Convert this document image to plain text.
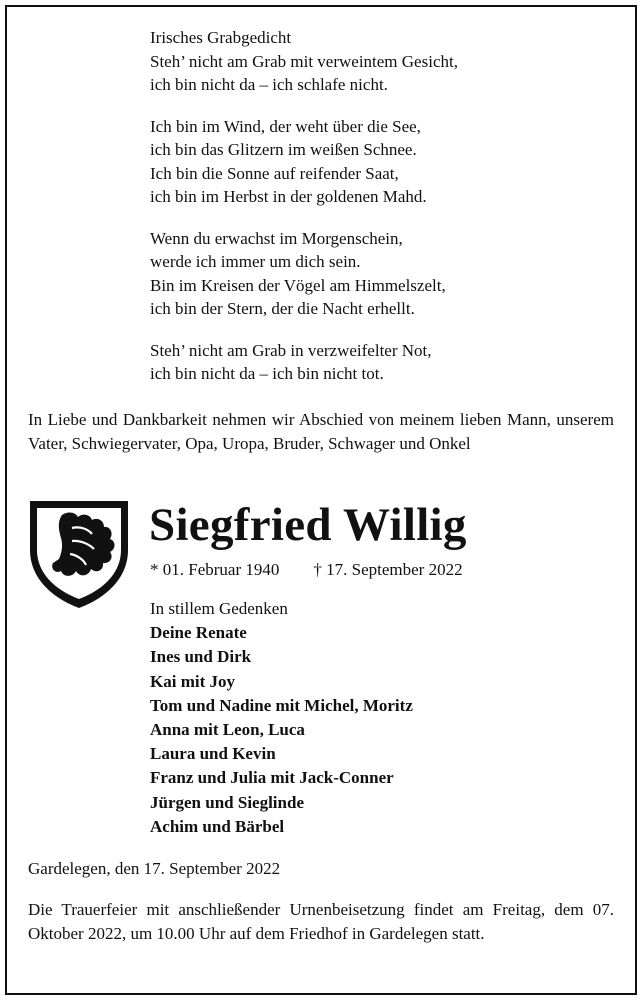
Irisches Grabgedicht
Steh’ nicht am Grab mit verweintem Gesicht,
ich bin nicht da – ich schlafe nicht.
Ich bin im Wind, der weht über die See,
ich bin das Glitzern im weißen Schnee.
Ich bin die Sonne auf reifender Saat,
ich bin im Herbst in der goldenen Mahd.
Wenn du erwachst im Morgenschein,
werde ich immer um dich sein.
Bin im Kreisen der Vögel am Himmelszelt,
ich bin der Stern, der die Nacht erhellt.
Steh’ nicht am Grab in verzweifelter Not,
ich bin nicht da – ich bin nicht tot.
In Liebe und Dankbarkeit nehmen wir Abschied von meinem lieben Mann, unserem Vater, Schwiegervater, Opa, Uropa, Bruder, Schwager und Onkel
Siegfried Willig
* 01. Februar 1940 † 17. September 2022
In stillem Gedenken
Deine Renate
Ines und Dirk
Kai mit Joy
Tom und Nadine mit Michel, Moritz
Anna mit Leon, Luca
Laura und Kevin
Franz und Julia mit Jack-Conner
Jürgen und Sieglinde
Achim und Bärbel
Gardelegen, den 17. September 2022
Die Trauerfeier mit anschließender Urnenbeisetzung findet am Freitag, dem 07. Oktober 2022, um 10.00 Uhr auf dem Friedhof in Gardelegen statt.
